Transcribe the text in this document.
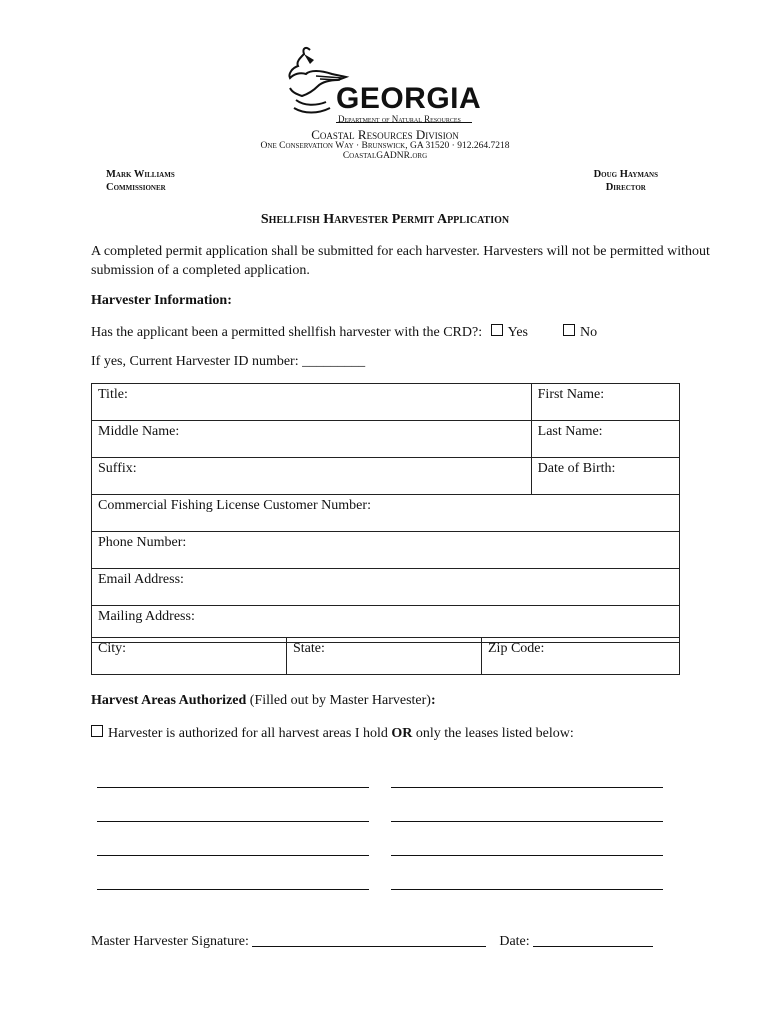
GEORGIA
Department of Natural Resources
Coastal Resources Division
One Conservation Way · Brunswick, GA 31520 · 912.264.7218
CoastalGADNR.org
Mark Williams
Commissioner
Doug Haymans
Director
Shellfish Harvester Permit Application
A completed permit application shall be submitted for each harvester. Harvesters will not be permitted without submission of a completed application.
Harvester Information:
Has the applicant been a permitted shellfish harvester with the CRD?: Yes	No
If yes, Current Harvester ID number: _________
Title:	First Name:
Middle Name:	Last Name:
Suffix:	Date of Birth:
Commercial Fishing License Customer Number:	
Phone Number:	
Email Address:	
Mailing Address:	
City:	State:	Zip Code:
Harvest Areas Authorized (Filled out by Master Harvester):
Harvester is authorized for all harvest areas I hold OR only the leases listed below:
Master Harvester Signature:	Date:
